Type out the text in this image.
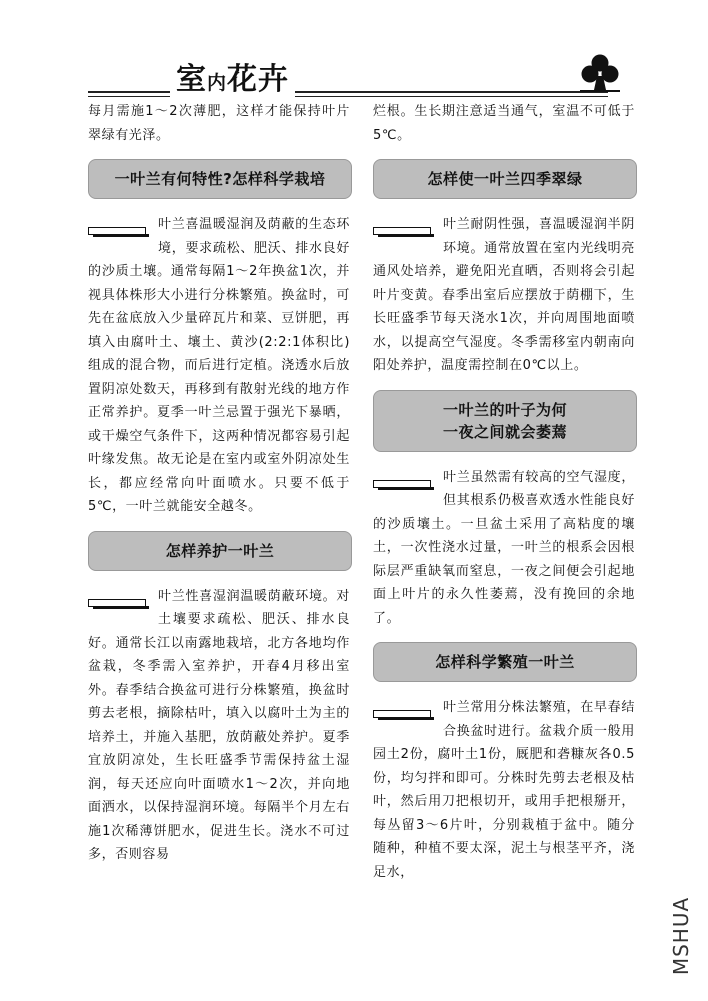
室内花卉

每月需施1～2次薄肥，这样才能保持叶片翠绿有光泽。

一叶兰有何特性?怎样科学栽培

叶兰喜温暖湿润及荫蔽的生态环境，要求疏松、肥沃、排水良好的沙质土壤。通常每隔1～2年换盆1次，并视具体株形大小进行分株繁殖。换盆时，可先在盆底放入少量碎瓦片和菜、豆饼肥，再填入由腐叶土、壤土、黄沙(2:2:1体积比)组成的混合物，而后进行定植。浇透水后放置阴凉处数天，再移到有散射光线的地方作正常养护。夏季一叶兰忌置于强光下暴晒，或干燥空气条件下，这两种情况都容易引起叶缘发焦。故无论是在室内或室外阴凉处生长，都应经常向叶面喷水。只要不低于5℃，一叶兰就能安全越冬。

怎样养护一叶兰

叶兰性喜湿润温暖荫蔽环境。对土壤要求疏松、肥沃、排水良好。通常长江以南露地栽培，北方各地均作盆栽，冬季需入室养护，开春4月移出室外。春季结合换盆可进行分株繁殖，换盆时剪去老根，摘除枯叶，填入以腐叶土为主的培养土，并施入基肥，放荫蔽处养护。夏季宜放阴凉处，生长旺盛季节需保持盆土湿润，每天还应向叶面喷水1～2次，并向地面洒水，以保持湿润环境。每隔半个月左右施1次稀薄饼肥水，促进生长。浇水不可过多，否则容易

烂根。生长期注意适当通气，室温不可低于5℃。

怎样使一叶兰四季翠绿

叶兰耐阴性强，喜温暖湿润半阴环境。通常放置在室内光线明亮通风处培养，避免阳光直晒，否则将会引起叶片变黄。春季出室后应摆放于荫棚下，生长旺盛季节每天浇水1次，并向周围地面喷水，以提高空气湿度。冬季需移室内朝南向阳处养护，温度需控制在0℃以上。

一叶兰的叶子为何
一夜之间就会萎蔫

叶兰虽然需有较高的空气湿度，但其根系仍极喜欢透水性能良好的沙质壤土。一旦盆土采用了高粘度的壤土，一次性浇水过量，一叶兰的根系会因根际层严重缺氧而窒息，一夜之间便会引起地面上叶片的永久性萎蔫，没有挽回的余地了。

怎样科学繁殖一叶兰

叶兰常用分株法繁殖，在早春结合换盆时进行。盆栽介质一般用园土2份，腐叶土1份，厩肥和砻糠灰各0.5份，均匀拌和即可。分株时先剪去老根及枯叶，然后用刀把根切开，或用手把根掰开，每丛留3～6片叶，分别栽植于盆中。随分随种，种植不要太深，泥土与根茎平齐，浇足水，

MSHUA
